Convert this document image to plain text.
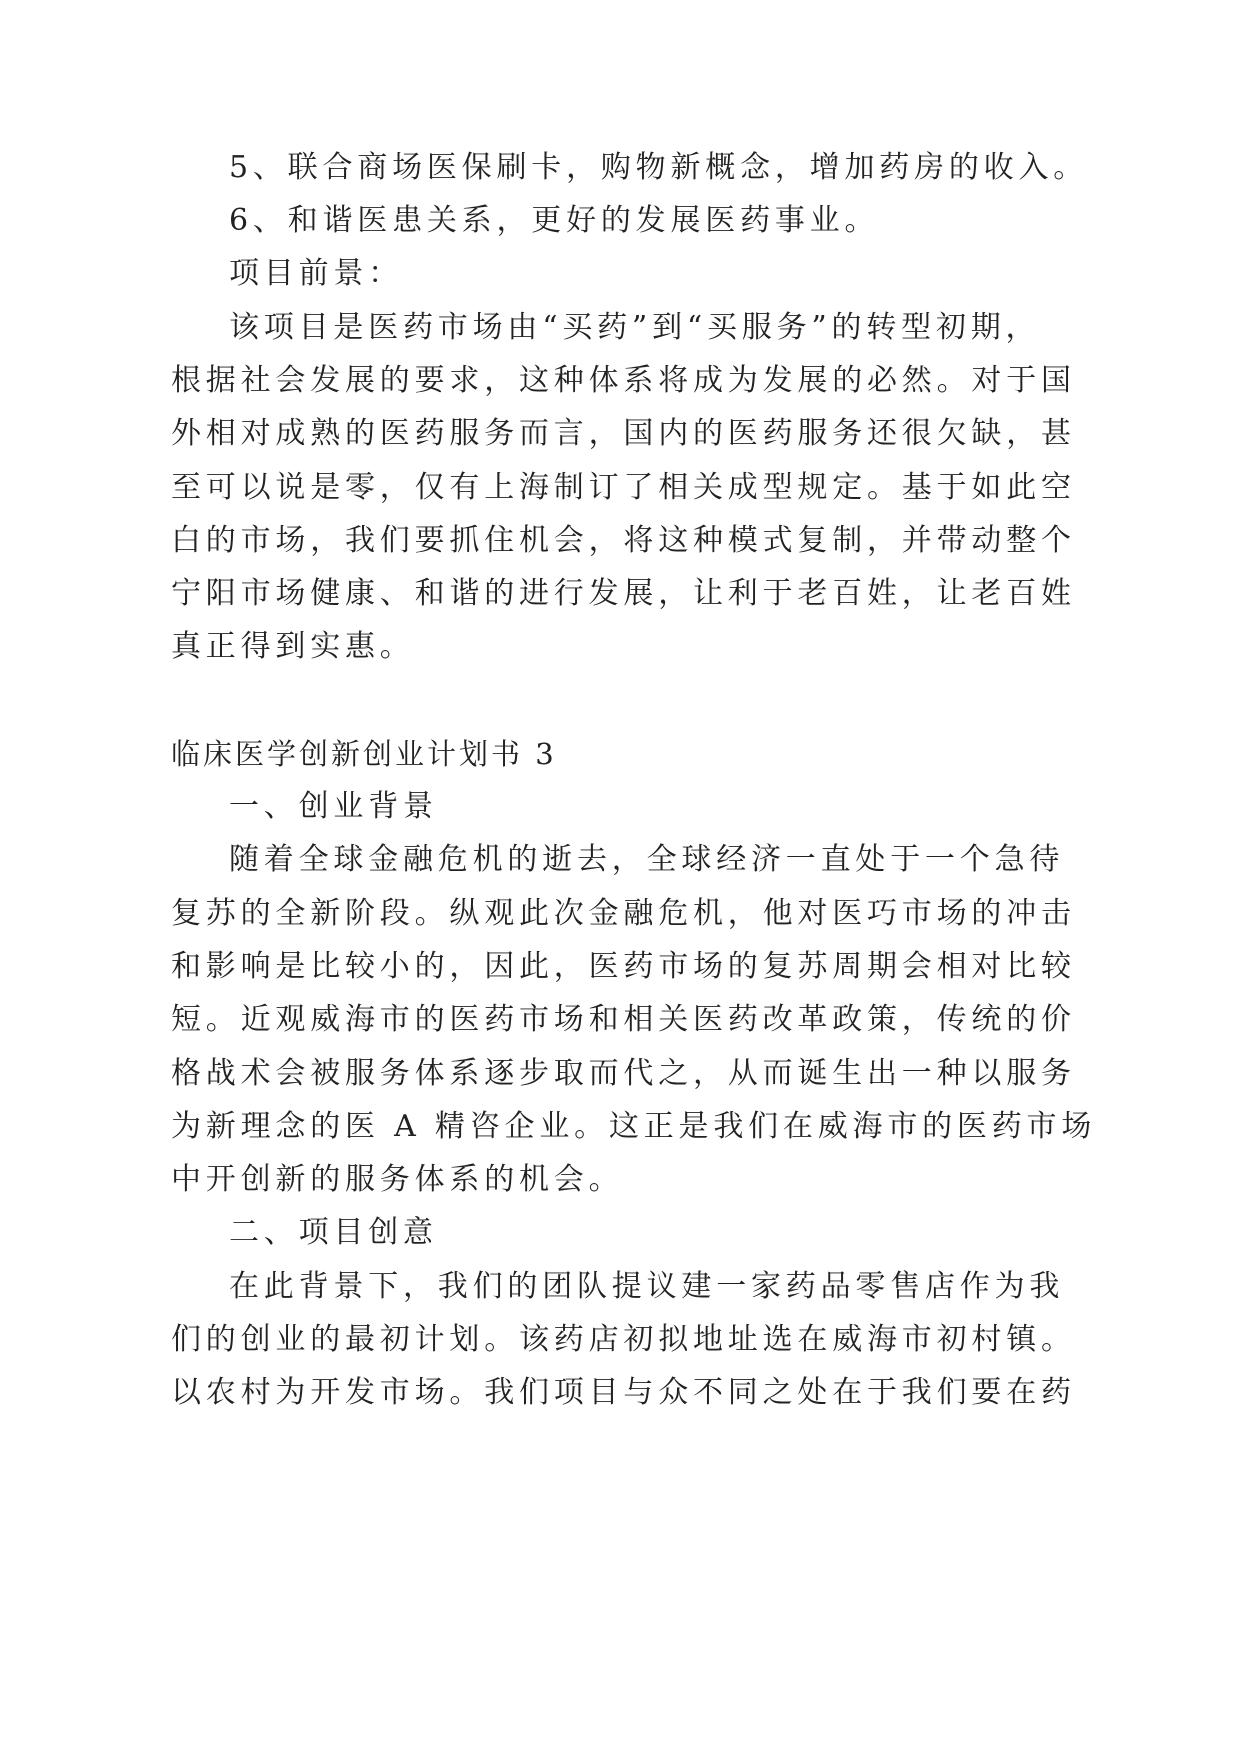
5、联合商场医保刷卡，购物新概念，增加药房的收入。

6、和谐医患关系，更好的发展医药事业。

项目前景：

该项目是医药市场由“买药”到“买服务”的转型初期，

根据社会发展的要求，这种体系将成为发展的必然。对于国

外相对成熟的医药服务而言，国内的医药服务还很欠缺，甚

至可以说是零，仅有上海制订了相关成型规定。基于如此空

白的市场，我们要抓住机会，将这种模式复制，并带动整个

宁阳市场健康、和谐的进行发展，让利于老百姓，让老百姓

真正得到实惠。

临床医学创新创业计划书 3

一、创业背景

随着全球金融危机的逝去，全球经济一直处于一个急待

复苏的全新阶段。纵观此次金融危机，他对医巧市场的冲击

和影响是比较小的，因此，医药市场的复苏周期会相对比较

短。近观威海市的医药市场和相关医药改革政策，传统的价

格战术会被服务体系逐步取而代之，从而诞生出一种以服务

为新理念的医 A 精咨企业。这正是我们在威海市的医药市场

中开创新的服务体系的机会。

二、项目创意

在此背景下，我们的团队提议建一家药品零售店作为我

们的创业的最初计划。该药店初拟地址选在威海市初村镇。

以农村为开发市场。我们项目与众不同之处在于我们要在药
